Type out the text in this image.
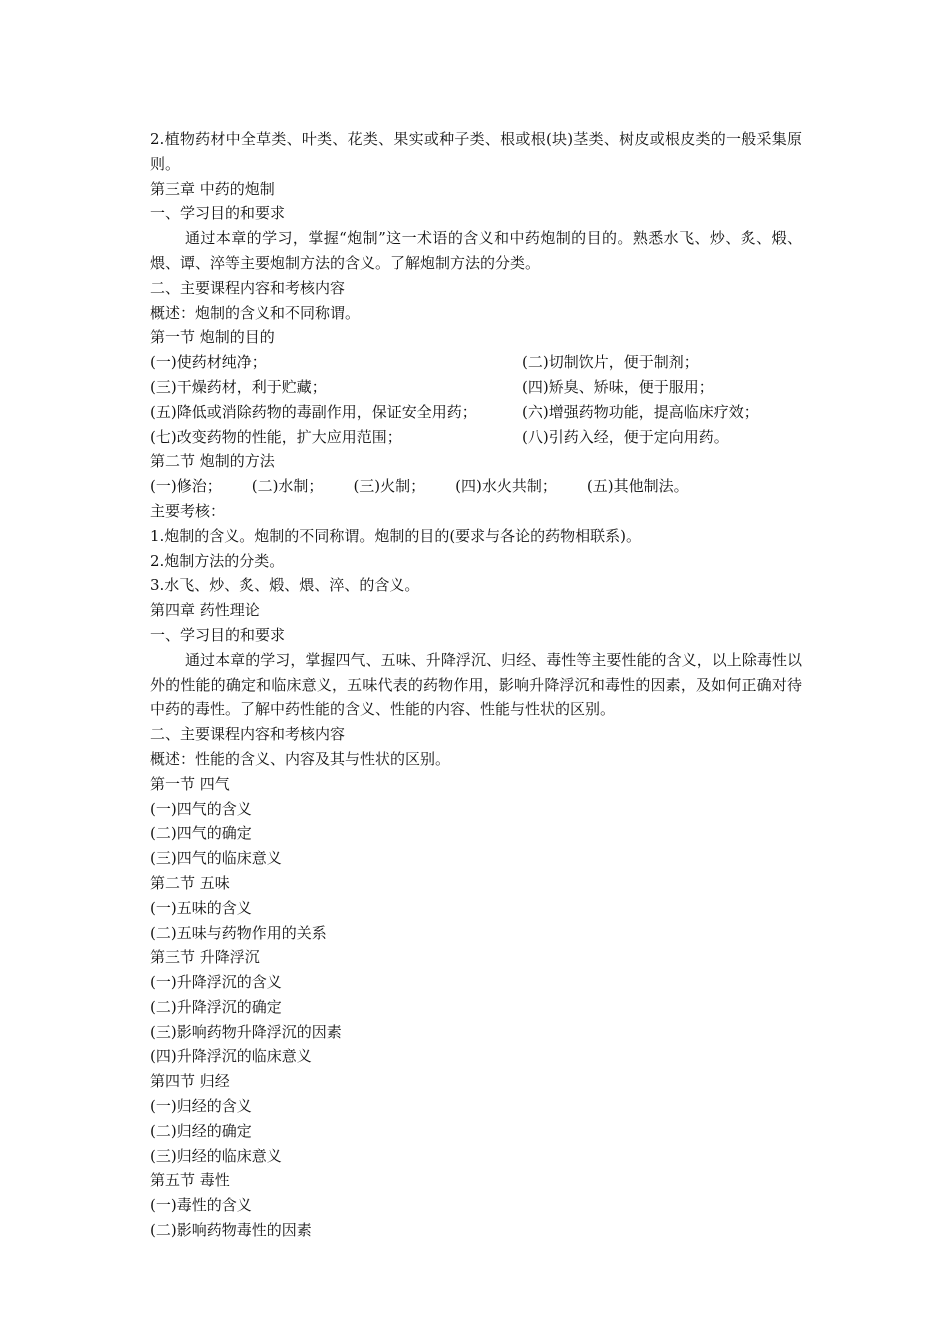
2.植物药材中全草类、叶类、花类、果实或种子类、根或根(块)茎类、树皮或根皮类的一般采集原则。
第三章 中药的炮制
一、学习目的和要求
通过本章的学习，掌握“炮制”这一术语的含义和中药炮制的目的。熟悉水飞、炒、炙、煅、煨、谭、淬等主要炮制方法的含义。了解炮制方法的分类。
二、主要课程内容和考核内容
概述：炮制的含义和不同称谓。
第一节 炮制的目的
(一)使药材纯净；	(二)切制饮片，便于制剂；
(三)干燥药材，利于贮藏；	(四)矫臭、矫味，便于服用；
(五)降低或消除药物的毒副作用，保证安全用药；	(六)增强药物功能，提高临床疗效；
(七)改变药物的性能，扩大应用范围；	(八)引药入经，便于定向用药。
第二节 炮制的方法
(一)修治； (二)水制； (三)火制； (四)水火共制； (五)其他制法。
主要考核：
1.炮制的含义。炮制的不同称谓。炮制的目的(要求与各论的药物相联系)。
2.炮制方法的分类。
3.水飞、炒、炙、煅、煨、淬、的含义。
第四章 药性理论
一、学习目的和要求
通过本章的学习，掌握四气、五味、升降浮沉、归经、毒性等主要性能的含义，以上除毒性以外的性能的确定和临床意义，五味代表的药物作用，影响升降浮沉和毒性的因素，及如何正确对待中药的毒性。了解中药性能的含义、性能的内容、性能与性状的区别。
二、主要课程内容和考核内容
概述：性能的含义、内容及其与性状的区别。
第一节 四气
(一)四气的含义
(二)四气的确定
(三)四气的临床意义
第二节 五味
(一)五味的含义
(二)五味与药物作用的关系
第三节 升降浮沉
(一)升降浮沉的含义
(二)升降浮沉的确定
(三)影响药物升降浮沉的因素
(四)升降浮沉的临床意义
第四节 归经
(一)归经的含义
(二)归经的确定
(三)归经的临床意义
第五节 毒性
(一)毒性的含义
(二)影响药物毒性的因素
